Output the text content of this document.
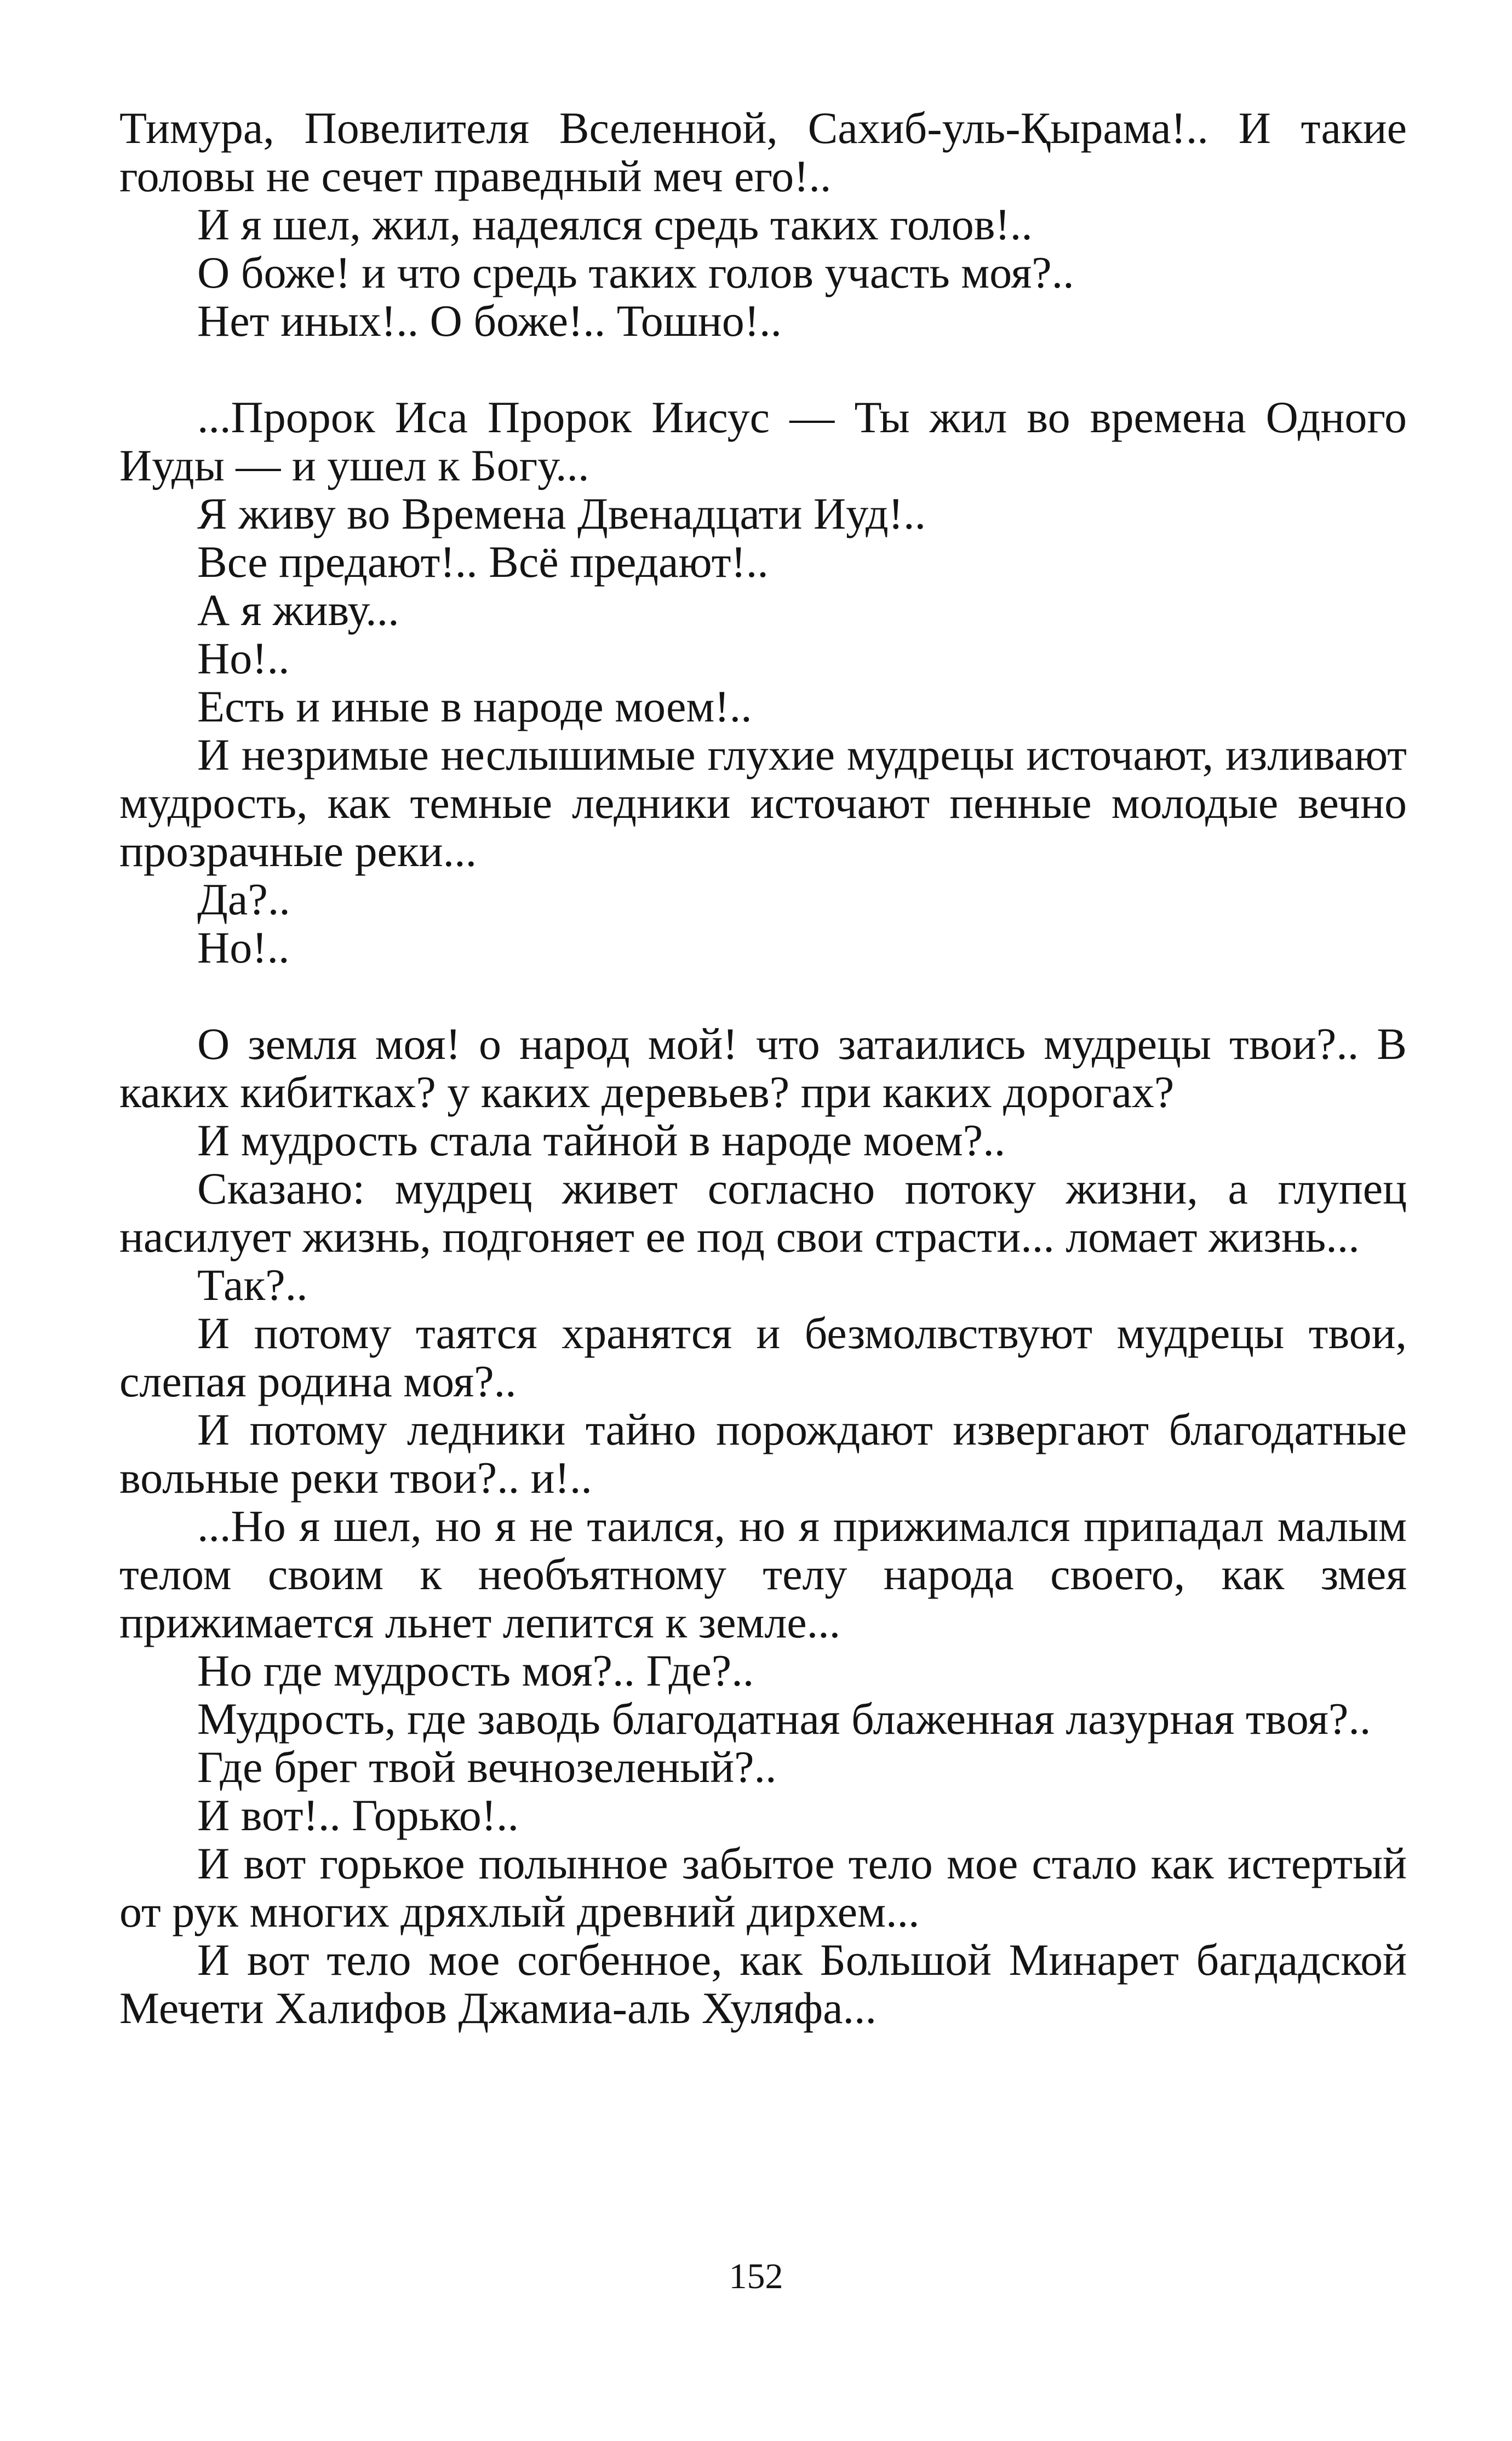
Тимура, Повелителя Вселенной, Сахиб-уль-Қырама!.. И такие головы не сечет праведный меч его!..

И я шел, жил, надеялся средь таких голов!..

О боже! и что средь таких голов участь моя?..

Нет иных!.. О боже!.. Тошно!..

...Пророк Иса Пророк Иисус — Ты жил во времена Одного Иуды — и ушел к Богу...

Я живу во Времена Двенадцати Иуд!..

Все предают!.. Всё предают!..

А я живу...

Но!..

Есть и иные в народе моем!..

И незримые неслышимые глухие мудрецы источают, изливают мудрость, как темные ледники источают пенные молодые вечно прозрачные реки...

Да?..

Но!..

О земля моя! о народ мой! что затаились мудрецы твои?.. В каких кибитках? у каких деревьев? при каких дорогах?

И мудрость стала тайной в народе моем?..

Сказано: мудрец живет согласно потоку жизни, а глупец насилует жизнь, подгоняет ее под свои страсти... ломает жизнь...

Так?..

И потому таятся хранятся и безмолвствуют мудрецы твои, слепая родина моя?..

И потому ледники тайно порождают извергают благодатные вольные реки твои?.. и!..

...Но я шел, но я не таился, но я прижимался припадал малым телом своим к необъятному телу народа своего, как змея прижимается льнет лепится к земле...

Но где мудрость моя?.. Где?..

Мудрость, где заводь благодатная блаженная лазурная твоя?..

Где брег твой вечнозеленый?..

И вот!.. Горько!..

И вот горькое полынное забытое тело мое стало как истертый от рук многих дряхлый древний дирхем...

И вот тело мое согбенное, как Большой Минарет багдадской Мечети Халифов Джамиа-аль Хуляфа...

152
